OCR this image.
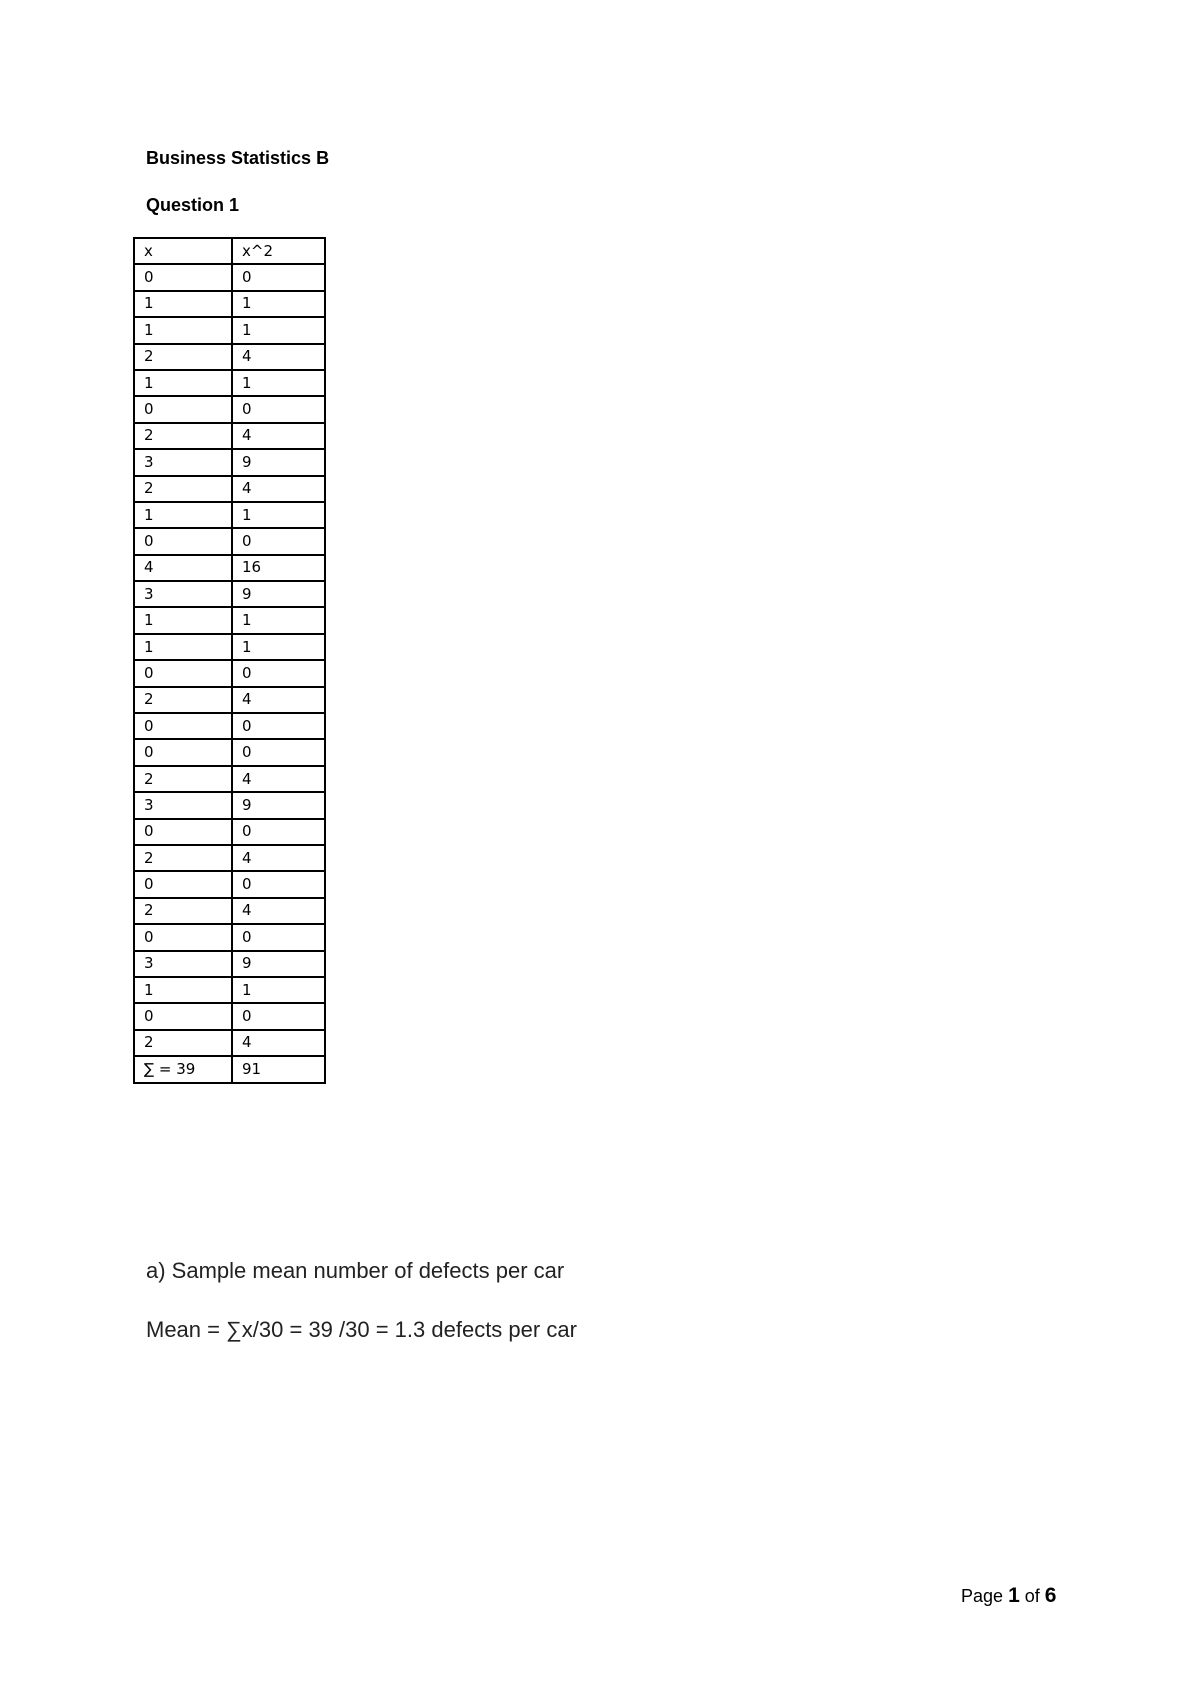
Business Statistics B

Question 1

x	x^2
0	0
1	1
1	1
2	4
1	1
0	0
2	4
3	9
2	4
1	1
0	0
4	16
3	9
1	1
1	1
0	0
2	4
0	0
0	0
2	4
3	9
0	0
2	4
0	0
2	4
0	0
3	9
1	1
0	0
2	4
∑ = 39	91

a) Sample mean number of defects per car

Mean = ∑x/30 = 39 /30 = 1.3 defects per car

Page 1 of 6
